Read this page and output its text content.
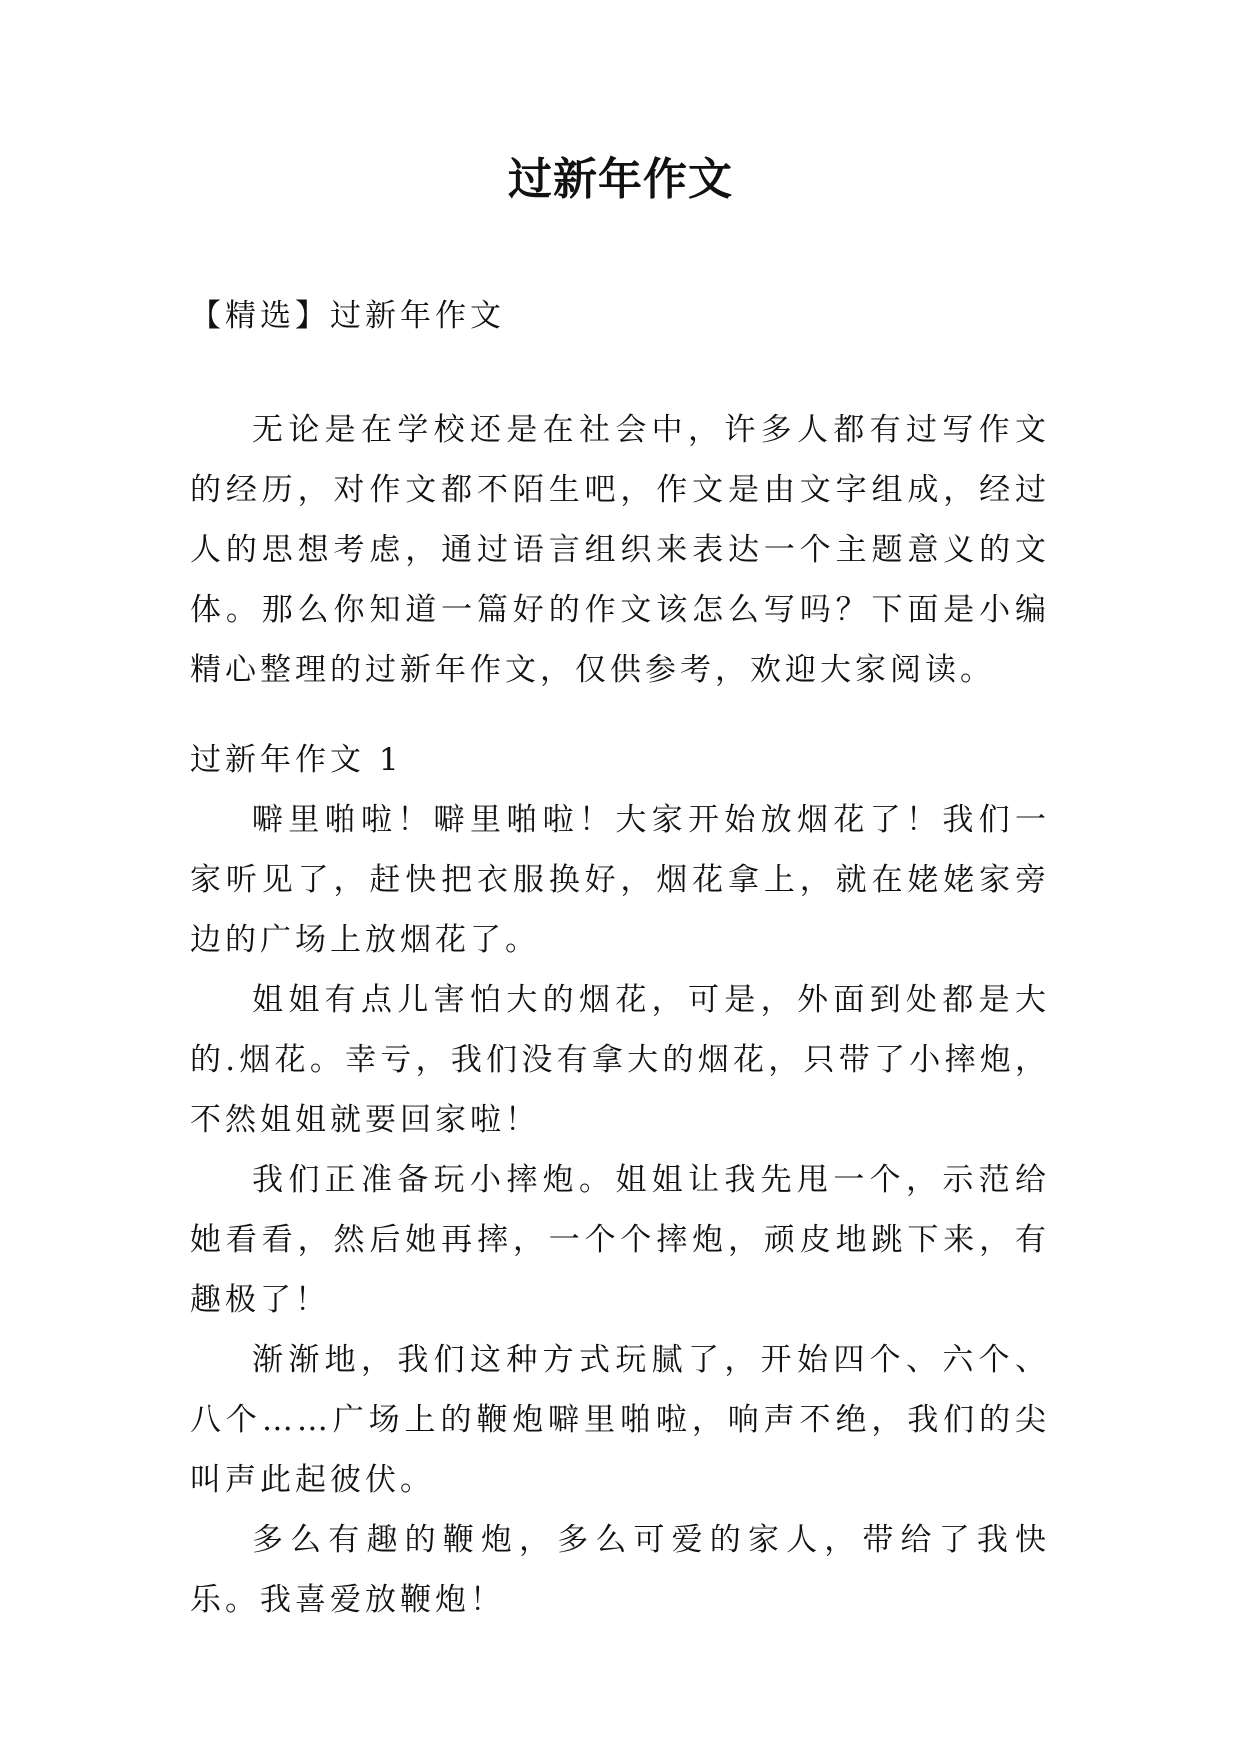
过新年作文
【精选】过新年作文

无论是在学校还是在社会中，许多人都有过写作文的经历，对作文都不陌生吧，作文是由文字组成，经过人的思想考虑，通过语言组织来表达一个主题意义的文体。那么你知道一篇好的作文该怎么写吗？下面是小编精心整理的过新年作文，仅供参考，欢迎大家阅读。

过新年作文 1

噼里啪啦！噼里啪啦！大家开始放烟花了！我们一家听见了，赶快把衣服换好，烟花拿上，就在姥姥家旁边的广场上放烟花了。

姐姐有点儿害怕大的烟花，可是，外面到处都是大的.烟花。幸亏，我们没有拿大的烟花，只带了小摔炮，不然姐姐就要回家啦！

我们正准备玩小摔炮。姐姐让我先甩一个，示范给她看看，然后她再摔，一个个摔炮，顽皮地跳下来，有趣极了！

渐渐地，我们这种方式玩腻了，开始四个、六个、八个……广场上的鞭炮噼里啪啦，响声不绝，我们的尖叫声此起彼伏。

多么有趣的鞭炮，多么可爱的家人，带给了我快乐。我喜爱放鞭炮！
